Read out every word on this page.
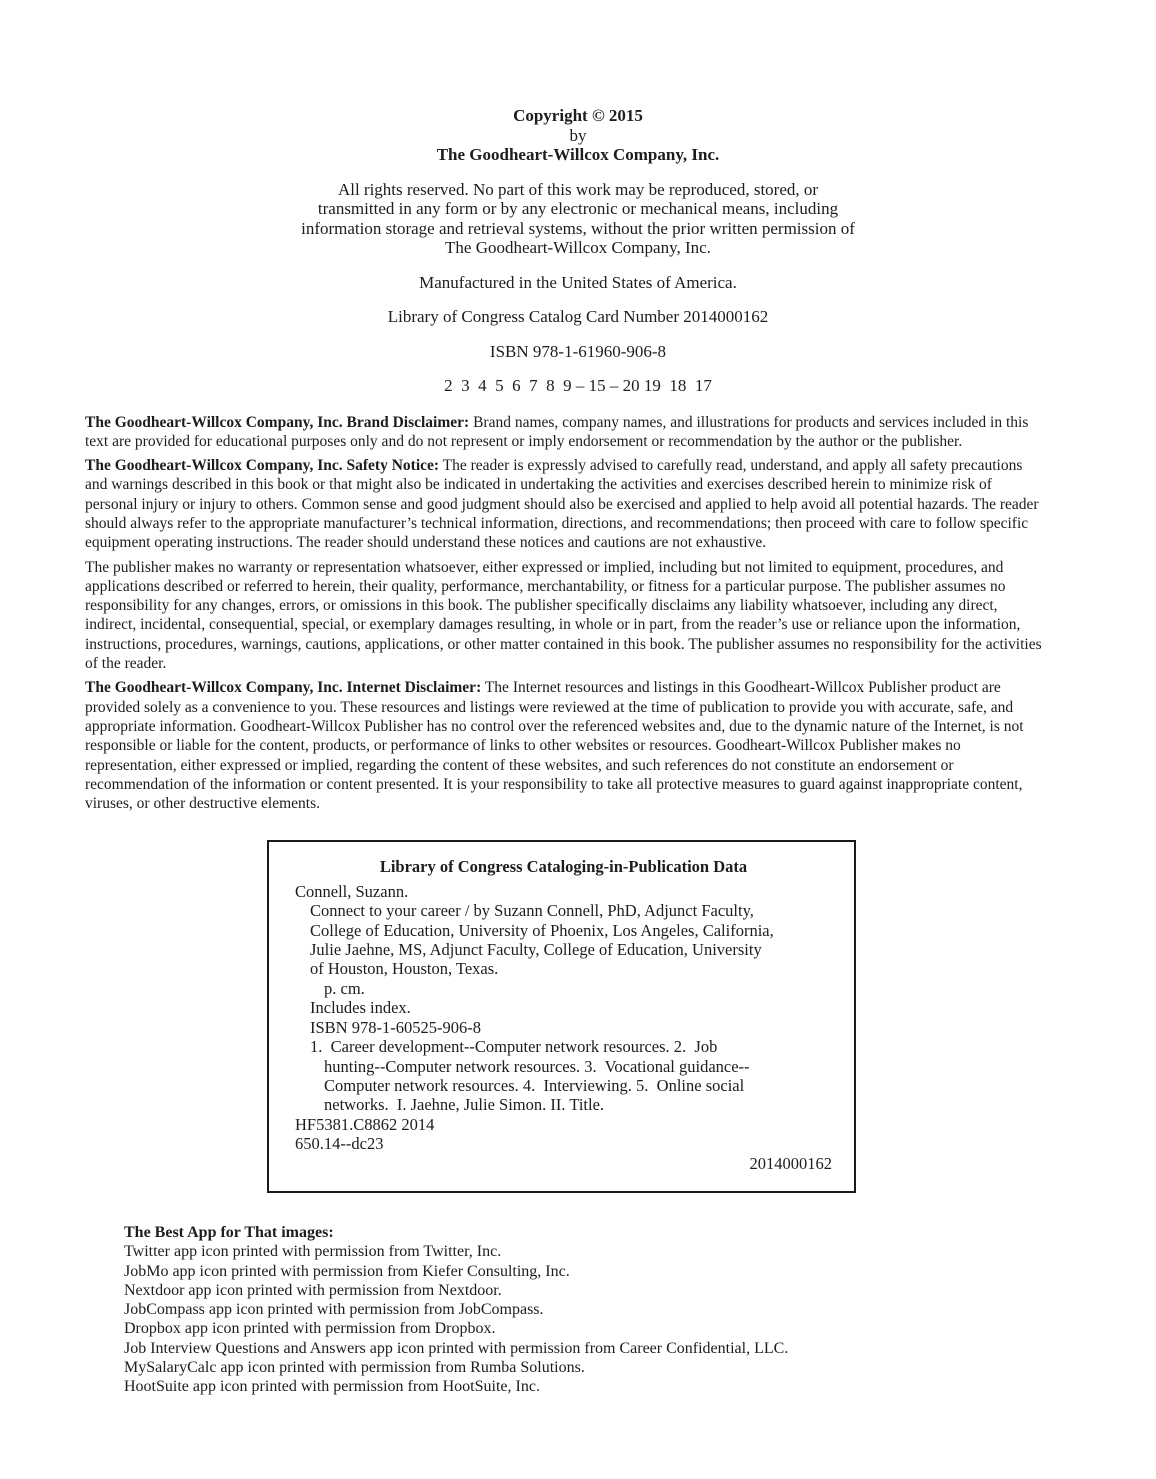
Copyright © 2015
by
The Goodheart-Willcox Company, Inc.
All rights reserved. No part of this work may be reproduced, stored, or
transmitted in any form or by any electronic or mechanical means, including
information storage and retrieval systems, without the prior written permission of
The Goodheart-Willcox Company, Inc.
Manufactured in the United States of America.
Library of Congress Catalog Card Number 2014000162
ISBN 978-1-61960-906-8
2  3  4  5  6  7  8  9 – 15 – 20 19  18  17

The Goodheart-Willcox Company, Inc. Brand Disclaimer: Brand names, company names, and illustrations for products and services included in this text are provided for educational purposes only and do not represent or imply endorsement or recommendation by the author or the publisher.

The Goodheart-Willcox Company, Inc. Safety Notice: The reader is expressly advised to carefully read, understand, and apply all safety precautions and warnings described in this book or that might also be indicated in undertaking the activities and exercises described herein to minimize risk of personal injury or injury to others. Common sense and good judgment should also be exercised and applied to help avoid all potential hazards. The reader should always refer to the appropriate manufacturer’s technical information, directions, and recommendations; then proceed with care to follow specific equipment operating instructions. The reader should understand these notices and cautions are not exhaustive.

The publisher makes no warranty or representation whatsoever, either expressed or implied, including but not limited to equipment, procedures, and applications described or referred to herein, their quality, performance, merchantability, or fitness for a particular purpose. The publisher assumes no responsibility for any changes, errors, or omissions in this book. The publisher specifically disclaims any liability whatsoever, including any direct, indirect, incidental, consequential, special, or exemplary damages resulting, in whole or in part, from the reader’s use or reliance upon the information, instructions, procedures, warnings, cautions, applications, or other matter contained in this book. The publisher assumes no responsibility for the activities of the reader.

The Goodheart-Willcox Company, Inc. Internet Disclaimer: The Internet resources and listings in this Goodheart-Willcox Publisher product are provided solely as a convenience to you. These resources and listings were reviewed at the time of publication to provide you with accurate, safe, and appropriate information. Goodheart-Willcox Publisher has no control over the referenced websites and, due to the dynamic nature of the Internet, is not responsible or liable for the content, products, or performance of links to other websites or resources. Goodheart-Willcox Publisher makes no representation, either expressed or implied, regarding the content of these websites, and such references do not constitute an endorsement or recommendation of the information or content presented. It is your responsibility to take all protective measures to guard against inappropriate content, viruses, or other destructive elements.

Library of Congress Cataloging-in-Publication Data
Connell, Suzann.
Connect to your career / by Suzann Connell, PhD, Adjunct Faculty,
College of Education, University of Phoenix, Los Angeles, California,
Julie Jaehne, MS, Adjunct Faculty, College of Education, University
of Houston, Houston, Texas.
p. cm.
Includes index.
ISBN 978-1-60525-906-8
1.  Career development--Computer network resources. 2.  Job
hunting--Computer network resources. 3.  Vocational guidance--
Computer network resources. 4.  Interviewing. 5.  Online social
networks.  I. Jaehne, Julie Simon. II. Title.
HF5381.C8862 2014
650.14--dc23
2014000162
The Best App for That images:
Twitter app icon printed with permission from Twitter, Inc.
JobMo app icon printed with permission from Kiefer Consulting, Inc.
Nextdoor app icon printed with permission from Nextdoor.
JobCompass app icon printed with permission from JobCompass.
Dropbox app icon printed with permission from Dropbox.
Job Interview Questions and Answers app icon printed with permission from Career Confidential, LLC.
MySalaryCalc app icon printed with permission from Rumba Solutions.
HootSuite app icon printed with permission from HootSuite, Inc.
